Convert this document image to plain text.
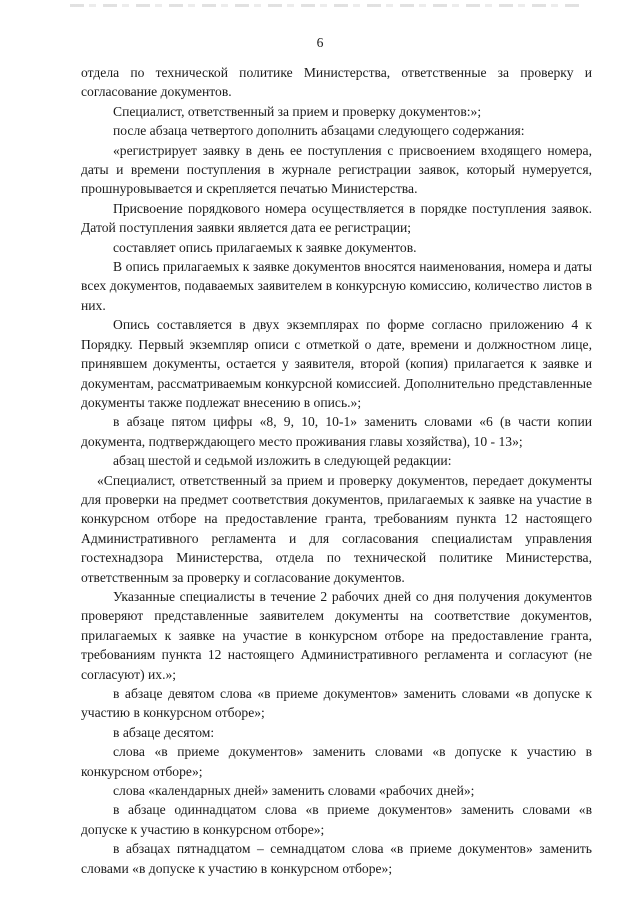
6

отдела по технической политике Министерства, ответственные за проверку и согласование документов.

Специалист, ответственный за прием и проверку документов:»;

после абзаца четвертого дополнить абзацами следующего содержания:

«регистрирует заявку в день ее поступления с присвоением входящего номера, даты и времени поступления в журнале регистрации заявок, который нумеруется, прошнуровывается и скрепляется печатью Министерства.

Присвоение порядкового номера осуществляется в порядке поступления заявок. Датой поступления заявки является дата ее регистрации;

составляет опись прилагаемых к заявке документов.

В опись прилагаемых к заявке документов вносятся наименования, номера и даты всех документов, подаваемых заявителем в конкурсную комиссию, количество листов в них.

Опись составляется в двух экземплярах по форме согласно приложению 4 к Порядку. Первый экземпляр описи с отметкой о дате, времени и должностном лице, принявшем документы, остается у заявителя, второй (копия) прилагается к заявке и документам, рассматриваемым конкурсной комиссией. Дополнительно представленные документы также подлежат внесению в опись.»;

в абзаце пятом цифры «8, 9, 10, 10-1» заменить словами «6 (в части копии документа, подтверждающего место проживания главы хозяйства), 10 - 13»;

абзац шестой и седьмой изложить в следующей редакции:

«Специалист, ответственный за прием и проверку документов, передает документы для проверки на предмет соответствия документов, прилагаемых к заявке на участие в конкурсном отборе на предоставление гранта, требованиям пункта 12 настоящего Административного регламента и для согласования специалистам управления гостехнадзора Министерства, отдела по технической политике Министерства, ответственным за проверку и согласование документов.

Указанные специалисты в течение 2 рабочих дней со дня получения документов проверяют представленные заявителем документы на соответствие документов, прилагаемых к заявке на участие в конкурсном отборе на предоставление гранта, требованиям пункта 12 настоящего Административного регламента и согласуют (не согласуют) их.»;

в абзаце девятом слова «в приеме документов» заменить словами «в допуске к участию в конкурсном отборе»;

в абзаце десятом:

слова «в приеме документов» заменить словами «в допуске к участию в конкурсном отборе»;

слова «календарных дней» заменить словами «рабочих дней»;

в абзаце одиннадцатом слова «в приеме документов» заменить словами «в допуске к участию в конкурсном отборе»;

в абзацах пятнадцатом – семнадцатом слова «в приеме документов» заменить словами «в допуске к участию в конкурсном отборе»;
